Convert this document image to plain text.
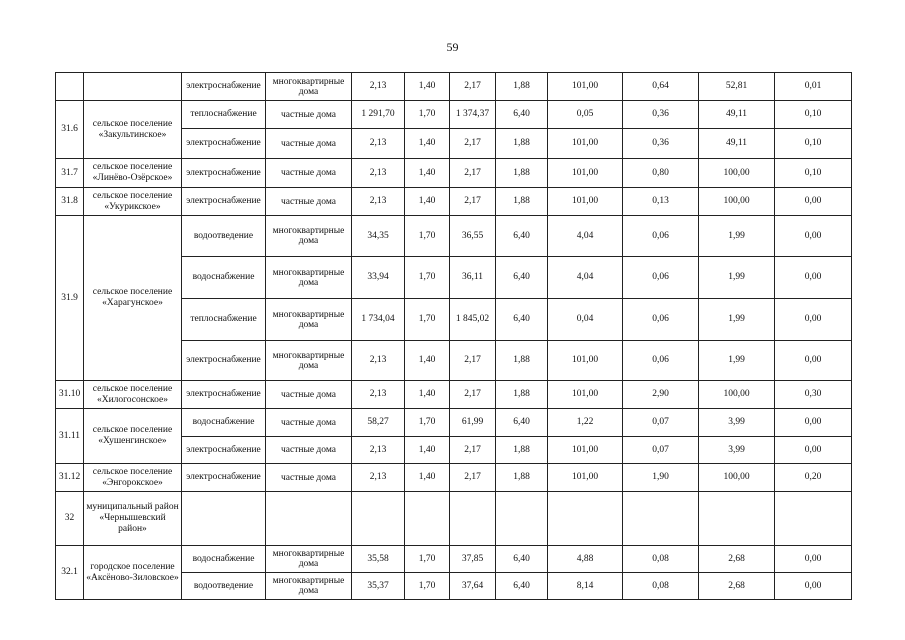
59
		электроснабжение	многоквартирные дома	2,13	1,40	2,17	1,88	101,00	0,64	52,81	0,01
31.6	сельское поселение «Закультинское»	теплоснабжение	частные дома	1 291,70	1,70	1 374,37	6,40	0,05	0,36	49,11	0,10
		электроснабжение	частные дома	2,13	1,40	2,17	1,88	101,00	0,36	49,11	0,10
31.7	сельское поселение «Линёво-Озёрское»	электроснабжение	частные дома	2,13	1,40	2,17	1,88	101,00	0,80	100,00	0,10
31.8	сельское поселение «Укурикское»	электроснабжение	частные дома	2,13	1,40	2,17	1,88	101,00	0,13	100,00	0,00
31.9	сельское поселение «Харагунское»	водоотведение	многоквартирные дома	34,35	1,70	36,55	6,40	4,04	0,06	1,99	0,00
		водоснабжение	многоквартирные дома	33,94	1,70	36,11	6,40	4,04	0,06	1,99	0,00
		теплоснабжение	многоквартирные дома	1 734,04	1,70	1 845,02	6,40	0,04	0,06	1,99	0,00
		электроснабжение	многоквартирные дома	2,13	1,40	2,17	1,88	101,00	0,06	1,99	0,00
31.10	сельское поселение «Хилогосонское»	электроснабжение	частные дома	2,13	1,40	2,17	1,88	101,00	2,90	100,00	0,30
31.11	сельское поселение «Хушенгинское»	водоснабжение	частные дома	58,27	1,70	61,99	6,40	1,22	0,07	3,99	0,00
		электроснабжение	частные дома	2,13	1,40	2,17	1,88	101,00	0,07	3,99	0,00
31.12	сельское поселение «Энгорокское»	электроснабжение	частные дома	2,13	1,40	2,17	1,88	101,00	1,90	100,00	0,20
32	муниципальный район «Чернышевский район»										
32.1	городское поселение «Аксёново-Зиловское»	водоснабжение	многоквартирные дома	35,58	1,70	37,85	6,40	4,88	0,08	2,68	0,00
		водоотведение	многоквартирные дома	35,37	1,70	37,64	6,40	8,14	0,08	2,68	0,00
